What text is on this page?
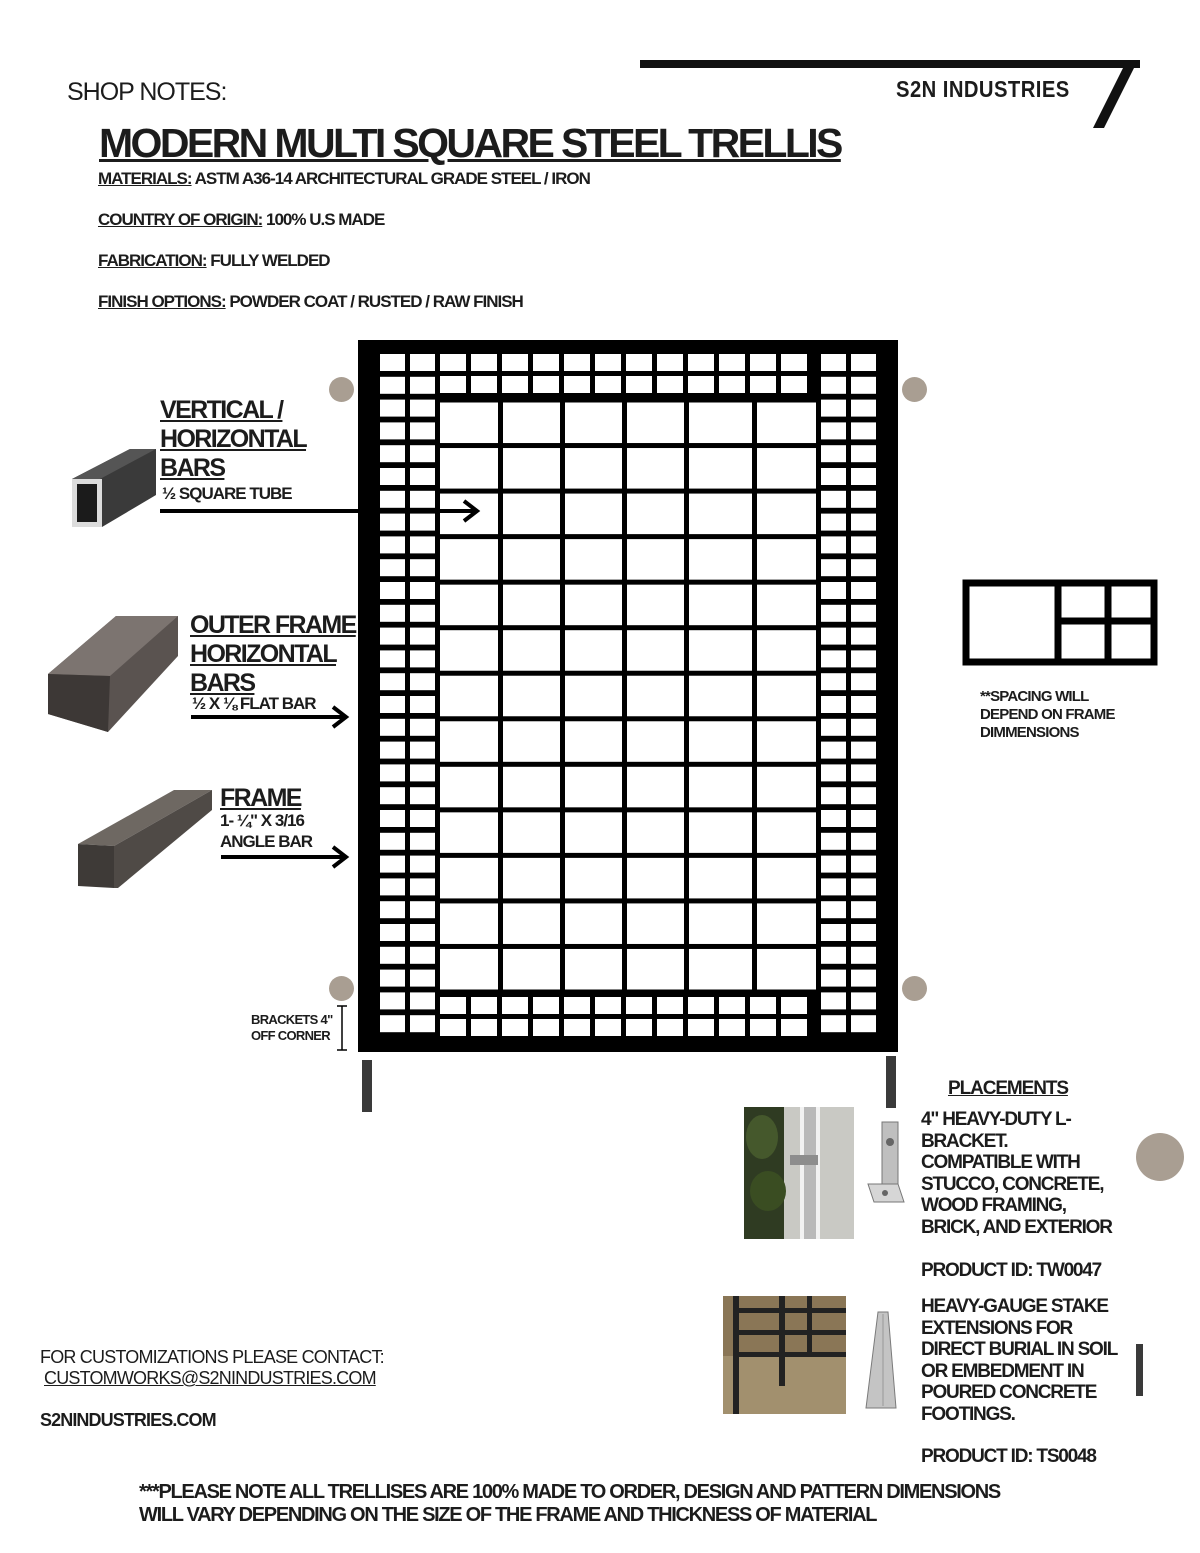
SHOP NOTES:	S2N INDUSTRIES
MODERN MULTI SQUARE STEEL TRELLIS
MATERIALS: ASTM A36-14 ARCHITECTURAL GRADE STEEL / IRON
COUNTRY OF ORIGIN: 100% U.S MADE
FABRICATION: FULLY WELDED
FINISH OPTIONS: POWDER COAT / RUSTED / RAW FINISH
VERTICAL /
HORIZONTAL
BARS
½ SQUARE TUBE
OUTER FRAME
HORIZONTAL
BARS
½ X ⅛ FLAT BAR
FRAME
1- ¼" X 3/16
ANGLE BAR
BRACKETS 4"
OFF CORNER
**SPACING WILL
DEPEND ON FRAME
DIMMENSIONS
PLACEMENTS
4" HEAVY-DUTY L-
BRACKET.
COMPATIBLE WITH
STUCCO, CONCRETE,
WOOD FRAMING,
BRICK, AND EXTERIOR
PRODUCT ID: TW0047
HEAVY-GAUGE STAKE
EXTENSIONS FOR
DIRECT BURIAL IN SOIL
OR EMBEDMENT IN
POURED CONCRETE
FOOTINGS.
PRODUCT ID: TS0048
FOR CUSTOMIZATIONS PLEASE CONTACT:
CUSTOMWORKS@S2NINDUSTRIES.COM
S2NINDUSTRIES.COM
***PLEASE NOTE ALL TRELLISES ARE 100% MADE TO ORDER, DESIGN AND PATTERN DIMENSIONS
WILL VARY DEPENDING ON THE SIZE OF THE FRAME AND THICKNESS OF MATERIAL
